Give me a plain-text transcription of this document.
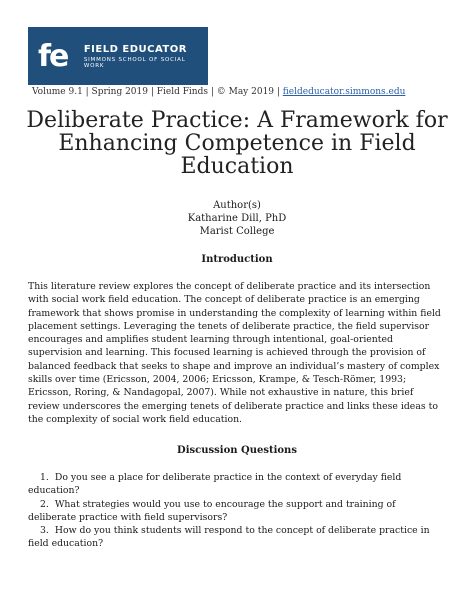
fe	FIELD EDUCATOR
SIMMONS SCHOOL OF SOCIAL WORK
Volume 9.1 | Spring 2019 | Field Finds | © May 2019 | fieldeducator.simmons.edu
Deliberate Practice: A Framework for Enhancing Competence in Field Education
Author(s)
Katharine Dill, PhD
Marist College
Introduction

This literature review explores the concept of deliberate practice and its intersection with social work field education. The concept of deliberate practice is an emerging framework that shows promise in understanding the complexity of learning within field placement settings. Leveraging the tenets of deliberate practice, the field supervisor encourages and amplifies student learning through intentional, goal-oriented supervision and learning. This focused learning is achieved through the provision of balanced feedback that seeks to shape and improve an individual’s mastery of complex skills over time (Ericsson, 2004, 2006; Ericsson, Krampe, & Tesch-Römer, 1993; Ericsson, Roring, & Nandagopal, 2007). While not exhaustive in nature, this brief review underscores the emerging tenets of deliberate practice and links these ideas to the complexity of social work field education.

Discussion Questions
1. Do you see a place for deliberate practice in the context of everyday field education?
2. What strategies would you use to encourage the support and training of deliberate practice with field supervisors?
3. How do you think students will respond to the concept of deliberate practice in field education?
